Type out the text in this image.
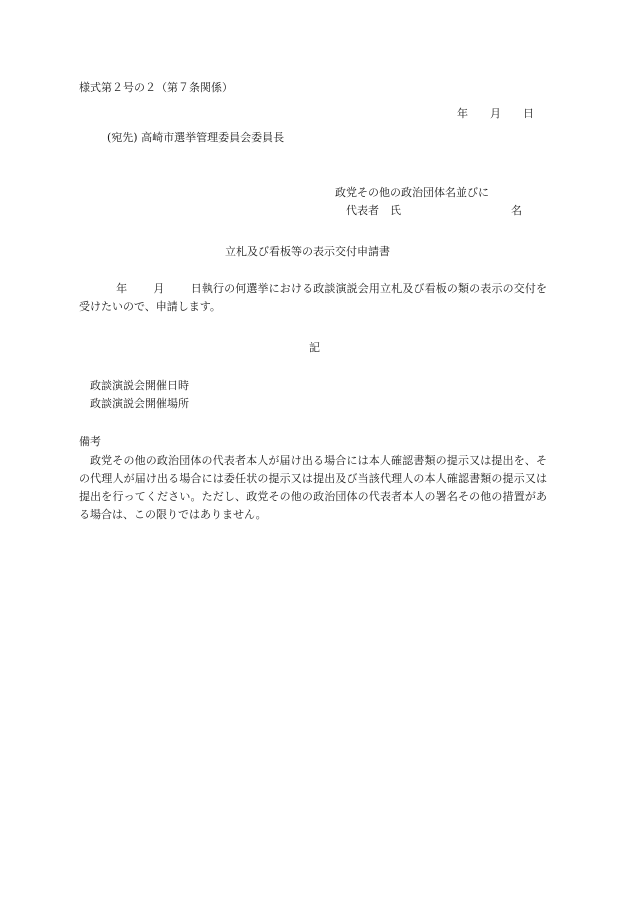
様式第２号の２（第７条関係）
年 月 日
(宛先) 高崎市選挙管理委員会委員長
政党その他の政治団体名並びに
代表者　氏	名
立札及び看板等の表示交付申請書
年 月 日執行の何選挙における政談演説会用立札及び看板の類の表示の交付を受けたいので、申請します。
記
政談演説会開催日時
政談演説会開催場所
備考
政党その他の政治団体の代表者本人が届け出る場合には本人確認書類の提示又は提出を、その代理人が届け出る場合には委任状の提示又は提出及び当該代理人の本人確認書類の提示又は提出を行ってください。ただし、政党その他の政治団体の代表者本人の署名その他の措置がある場合は、この限りではありません。
